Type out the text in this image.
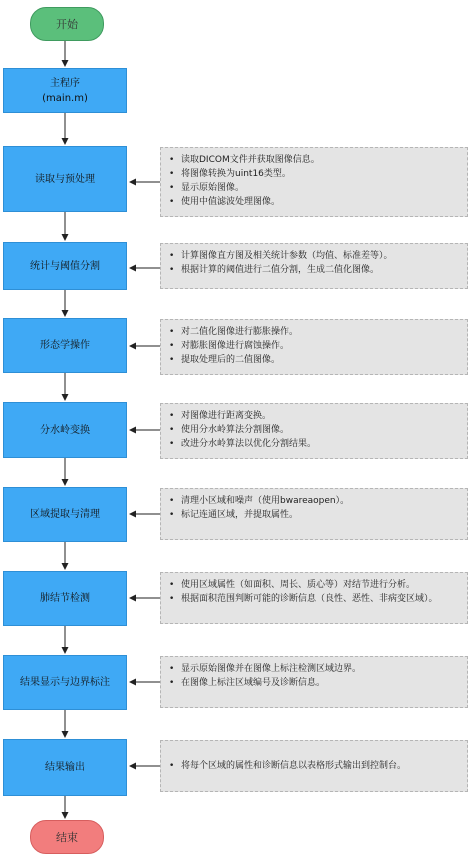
开始
主程序
(main.m)
读取与预处理
• 读取DICOM文件并获取图像信息。
• 将图像转换为uint16类型。
• 显示原始图像。
• 使用中值滤波处理图像。
统计与阈值分割
• 计算图像直方图及相关统计参数（均值、标准差等）。
• 根据计算的阈值进行二值分割，生成二值化图像。
形态学操作
• 对二值化图像进行膨胀操作。
• 对膨胀图像进行腐蚀操作。
• 提取处理后的二值图像。
分水岭变换
• 对图像进行距离变换。
• 使用分水岭算法分割图像。
• 改进分水岭算法以优化分割结果。
区域提取与清理
• 清理小区域和噪声（使用bwareaopen）。
• 标记连通区域，并提取属性。
肺结节检测
• 使用区域属性（如面积、周长、质心等）对结节进行分析。
• 根据面积范围判断可能的诊断信息（良性、恶性、非病变区域）。
结果显示与边界标注
• 显示原始图像并在图像上标注检测区域边界。
• 在图像上标注区域编号及诊断信息。
结果输出
•	将每个区域的属性和诊断信息以表格形式输出到控制台。
结束
